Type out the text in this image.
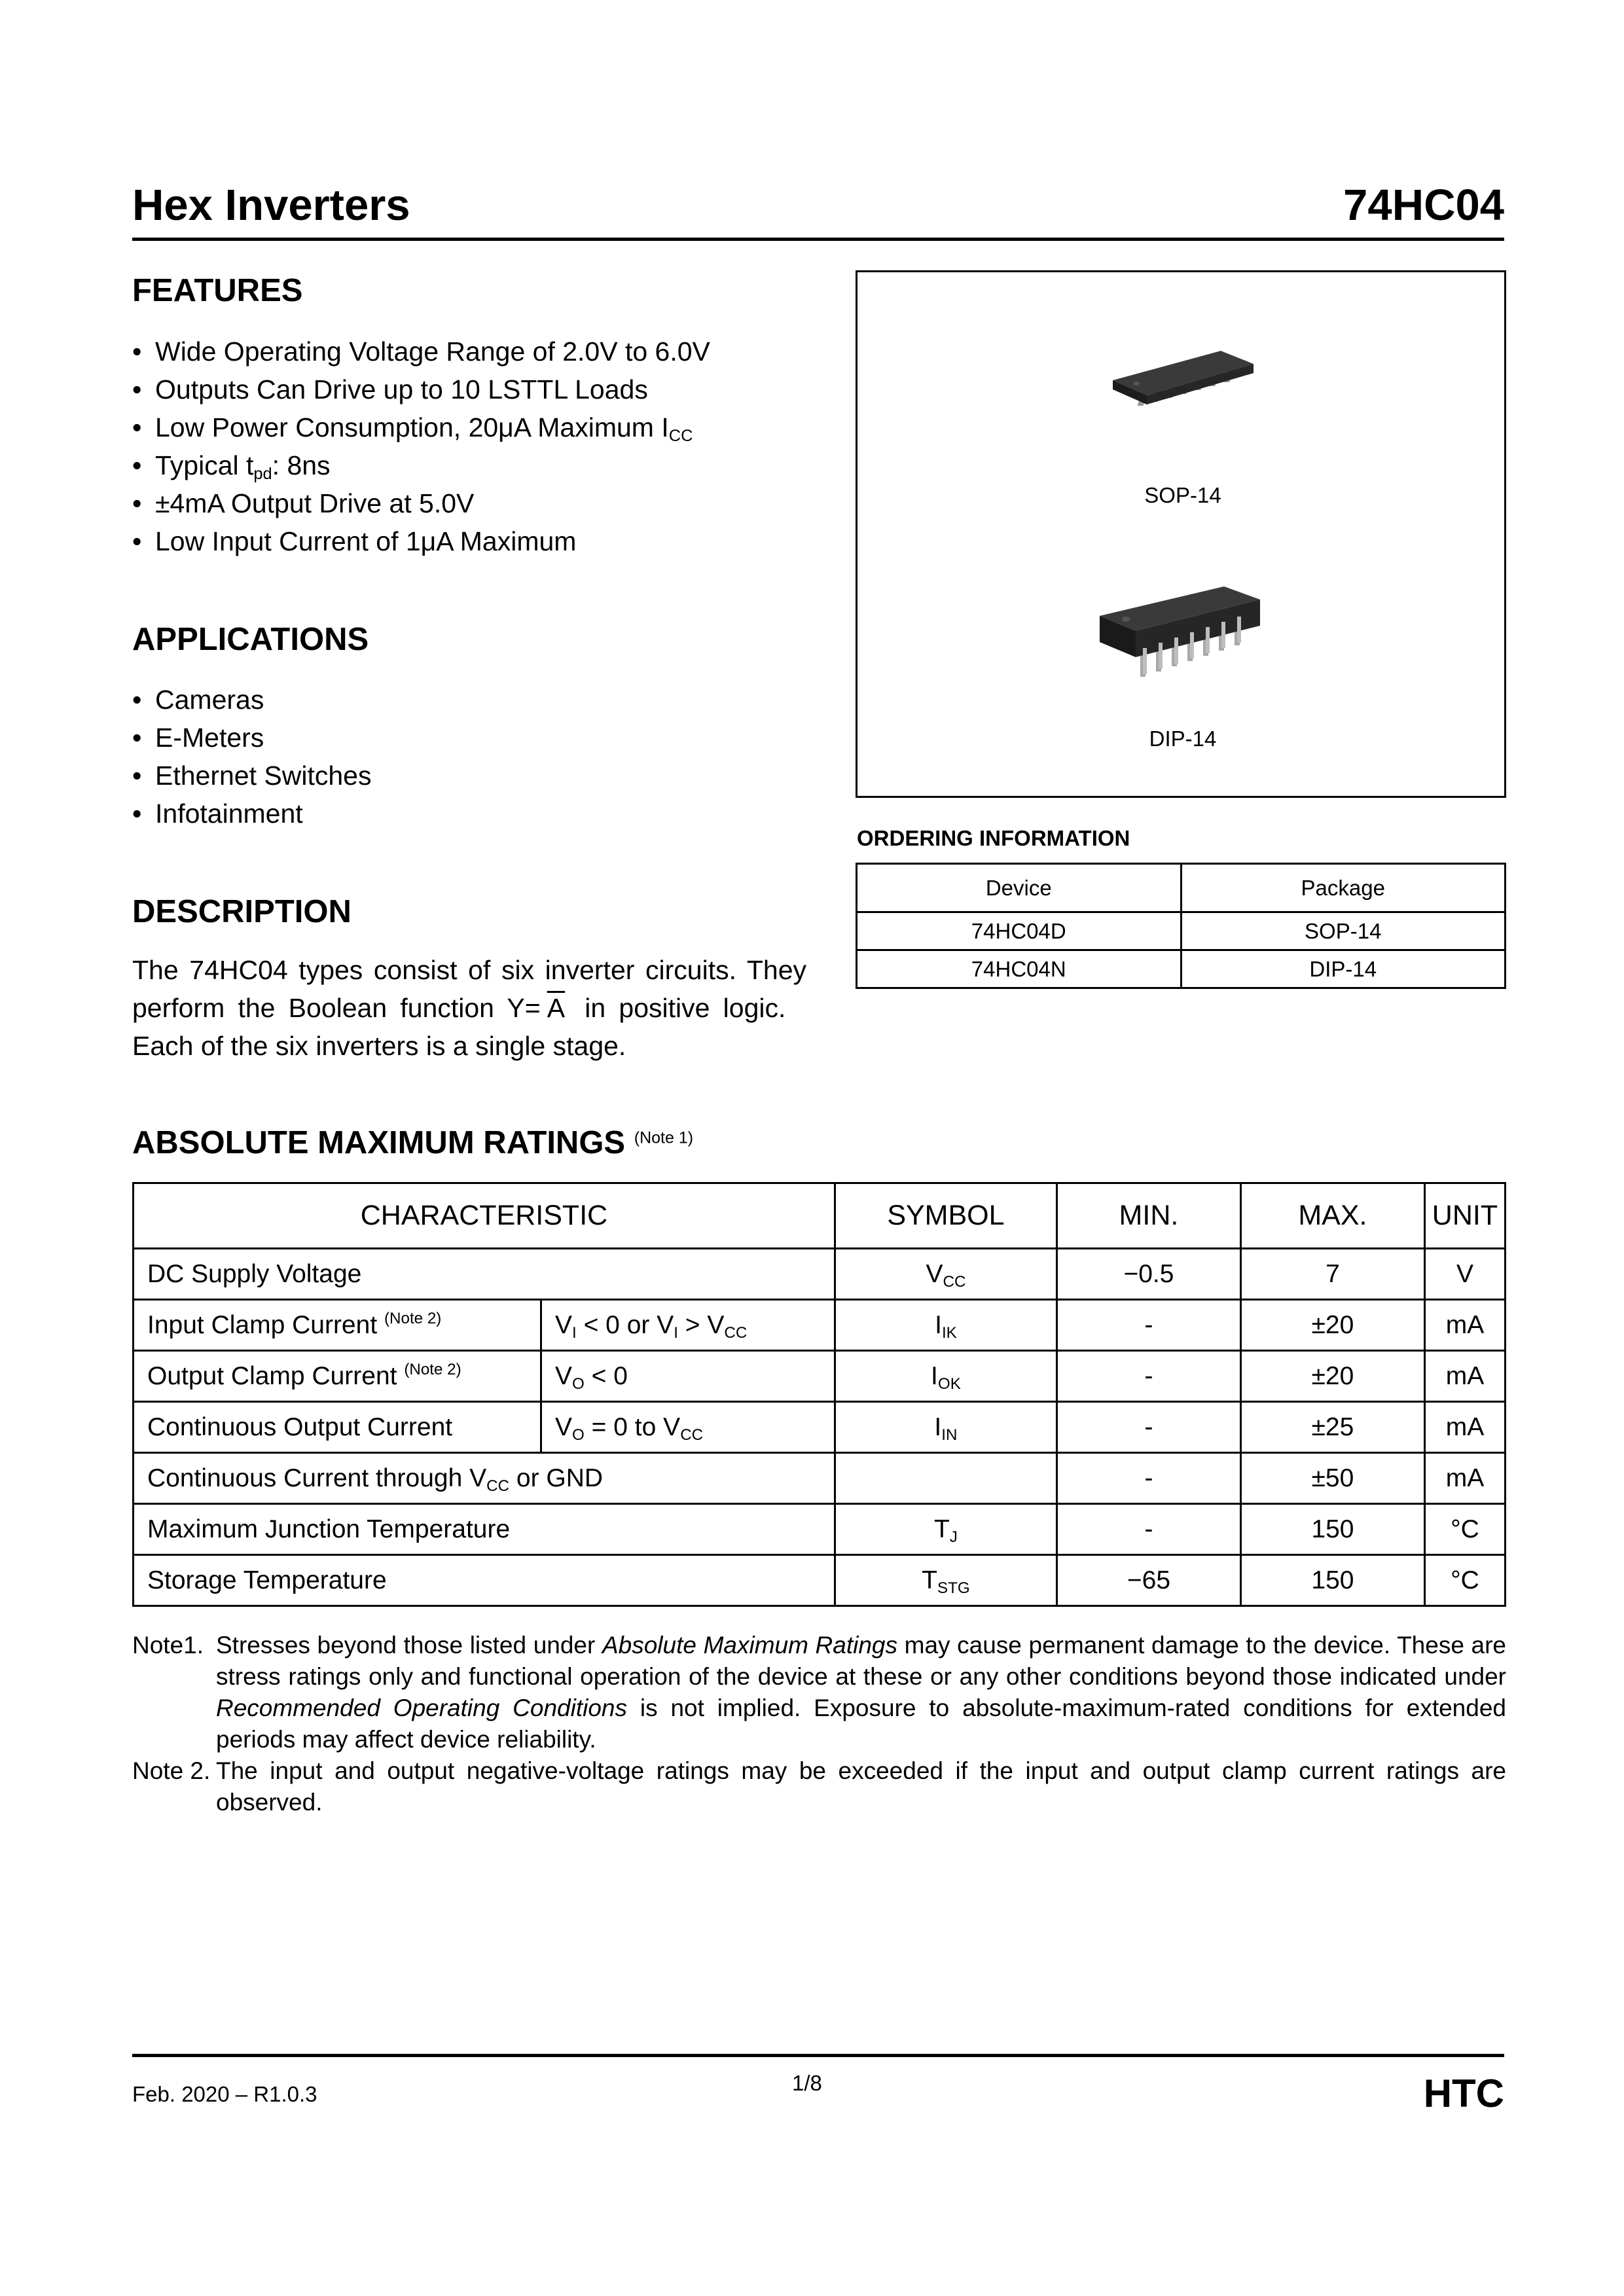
Hex Inverters	74HC04
FEATURES
• Wide Operating Voltage Range of 2.0V to 6.0V
• Outputs Can Drive up to 10 LSTTL Loads
• Low Power Consumption, 20μA Maximum $I_{CC}$
• Typical $t_{pd}$: 8ns
• ±4mA Output Drive at 5.0V
• Low Input Current of 1μA Maximum
APPLICATIONS
• Cameras
• E-Meters
• Ethernet Switches
• Infotainment
DESCRIPTION

The 74HC04 types consist of six inverter circuits. They perform the Boolean function $Y= \overline{A}$ in positive logic.   Each of the six inverters is a single stage.

SOP-14
DIP-14
ORDERING INFORMATION
Device	Package
74HC04D	SOP-14
74HC04N	DIP-14
ABSOLUTE MAXIMUM RATINGS $^{(Note 1)}$
CHARACTERISTIC		SYMBOL	MIN.	MAX.	UNIT
DC Supply Voltage		$V_{CC}$	−0.5	7	V
Input Clamp Current $^{(Note 2)}$	$V_I < 0$ or $V_I > V_{CC}$	$I_{IK}$	-	±20	mA
Output Clamp Current $^{(Note 2)}$	$V_O < 0$	$I_{OK}$	-	±20	mA
Continuous Output Current	$V_O = 0$ to $V_{CC}$	$I_{IN}$	-	±25	mA
Continuous Current through $V_{CC}$ or GND			-	±50	mA
Maximum Junction Temperature		$T_J$	-	150	°C
Storage Temperature		$T_{STG}$	−65	150	°C

Note1. Stresses beyond those listed under Absolute Maximum Ratings may cause permanent damage to the device. These are stress ratings only and functional operation of the device at these or any other conditions beyond those indicated under Recommended Operating Conditions is not implied. Exposure to absolute-maximum-rated conditions for extended periods may affect device reliability.

Note 2. The input and output negative-voltage ratings may be exceeded if the input and output clamp current ratings are observed.

Feb. 2020 – R1.0.3	1/8	HTC
